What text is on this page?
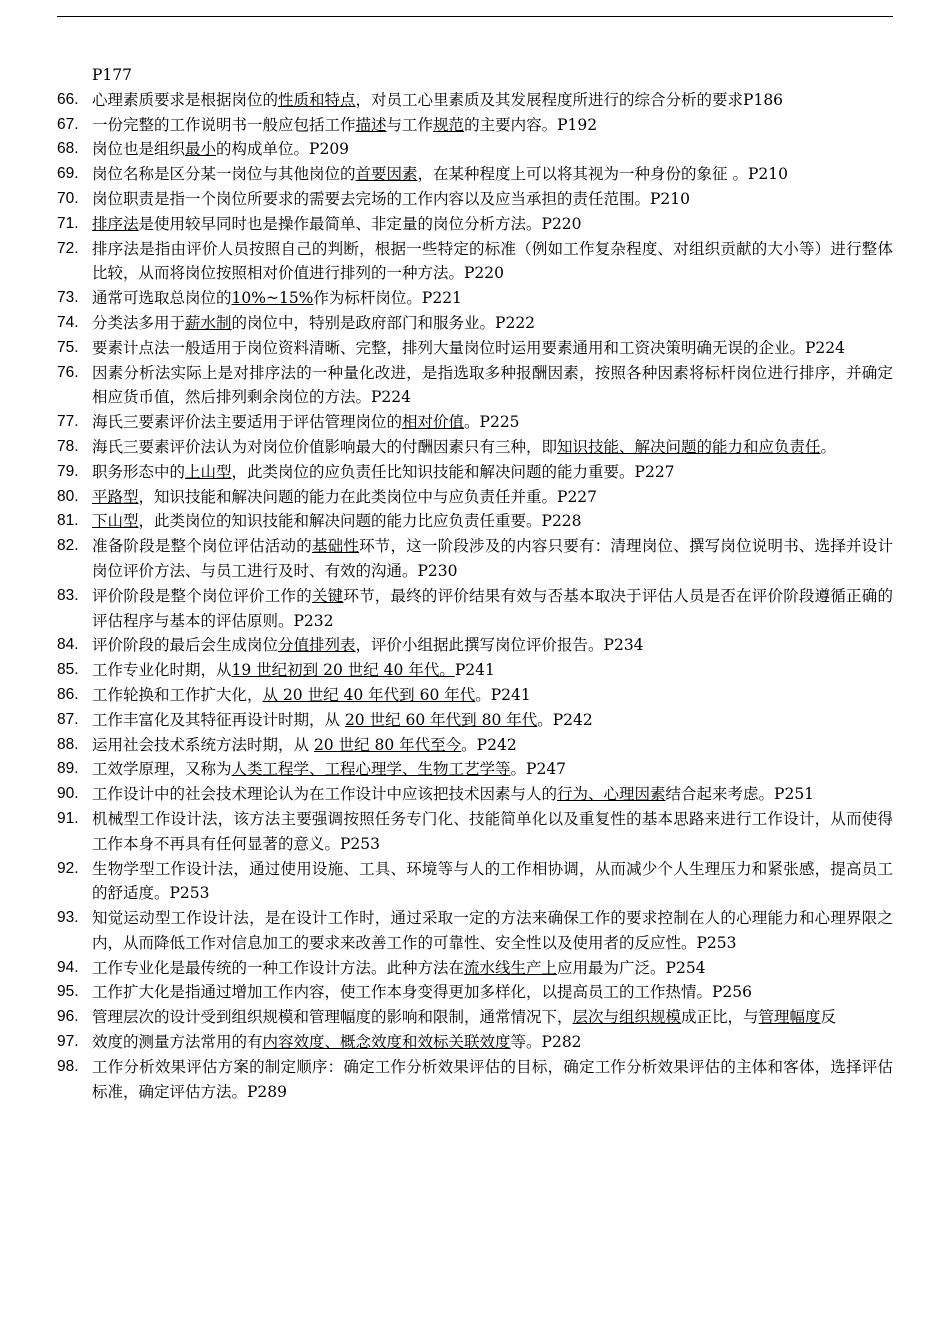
P177
66. 心理素质要求是根据岗位的性质和特点，对员工心里素质及其发展程度所进行的综合分析的要求P186
67. 一份完整的工作说明书一般应包括工作描述与工作规范的主要内容。P192
68. 岗位也是组织最小的构成单位。P209
69. 岗位名称是区分某一岗位与其他岗位的首要因素，在某种程度上可以将其视为一种身份的象征 。P210
70. 岗位职责是指一个岗位所要求的需要去完场的工作内容以及应当承担的责任范围。P210
71. 排序法是使用较早同时也是操作最简单、非定量的岗位分析方法。P220
72. 排序法是指由评价人员按照自己的判断，根据一些特定的标准（例如工作复杂程度、对组织贡献的大小等）进行整体比较，从而将岗位按照相对价值进行排列的一种方法。P220
73. 通常可选取总岗位的10%~15%作为标杆岗位。P221
74. 分类法多用于薪水制的岗位中，特别是政府部门和服务业。P222
75. 要素计点法一般适用于岗位资料清晰、完整，排列大量岗位时运用要素通用和工资决策明确无误的企业。P224
76. 因素分析法实际上是对排序法的一种量化改进，是指选取多种报酬因素，按照各种因素将标杆岗位进行排序，并确定相应货币值，然后排列剩余岗位的方法。P224
77. 海氏三要素评价法主要适用于评估管理岗位的相对价值。P225
78. 海氏三要素评价法认为对岗位价值影响最大的付酬因素只有三种，即知识技能、解决问题的能力和应负责任。
79. 职务形态中的上山型，此类岗位的应负责任比知识技能和解决问题的能力重要。P227
80. 平路型，知识技能和解决问题的能力在此类岗位中与应负责任并重。P227
81. 下山型，此类岗位的知识技能和解决问题的能力比应负责任重要。P228
82. 准备阶段是整个岗位评估活动的基础性环节，这一阶段涉及的内容只要有：清理岗位、撰写岗位说明书、选择并设计岗位评价方法、与员工进行及时、有效的沟通。P230
83. 评价阶段是整个岗位评价工作的关键环节，最终的评价结果有效与否基本取决于评估人员是否在评价阶段遵循正确的评估程序与基本的评估原则。P232
84. 评价阶段的最后会生成岗位分值排列表，评价小组据此撰写岗位评价报告。P234
85. 工作专业化时期，从19 世纪初到 20 世纪 40 年代。P241
86. 工作轮换和工作扩大化，从 20 世纪 40 年代到 60 年代。P241
87. 工作丰富化及其特征再设计时期，从 20 世纪 60 年代到 80 年代。P242
88. 运用社会技术系统方法时期，从 20 世纪 80 年代至今。P242
89. 工效学原理，又称为人类工程学、工程心理学、生物工艺学等。P247
90. 工作设计中的社会技术理论认为在工作设计中应该把技术因素与人的行为、心理因素结合起来考虑。P251
91. 机械型工作设计法，该方法主要强调按照任务专门化、技能简单化以及重复性的基本思路来进行工作设计，从而使得工作本身不再具有任何显著的意义。P253
92. 生物学型工作设计法，通过使用设施、工具、环境等与人的工作相协调，从而减少个人生理压力和紧张感，提高员工的舒适度。P253
93. 知觉运动型工作设计法，是在设计工作时，通过采取一定的方法来确保工作的要求控制在人的心理能力和心理界限之内，从而降低工作对信息加工的要求来改善工作的可靠性、安全性以及使用者的反应性。P253
94. 工作专业化是最传统的一种工作设计方法。此种方法在流水线生产上应用最为广泛。P254
95. 工作扩大化是指通过增加工作内容，使工作本身变得更加多样化，以提高员工的工作热情。P256
96. 管理层次的设计受到组织规模和管理幅度的影响和限制，通常情况下，层次与组织规模成正比，与管理幅度反
97. 效度的测量方法常用的有内容效度、概念效度和效标关联效度等。P282
98. 工作分析效果评估方案的制定顺序：确定工作分析效果评估的目标，确定工作分析效果评估的主体和客体，选择评估标准，确定评估方法。P289
